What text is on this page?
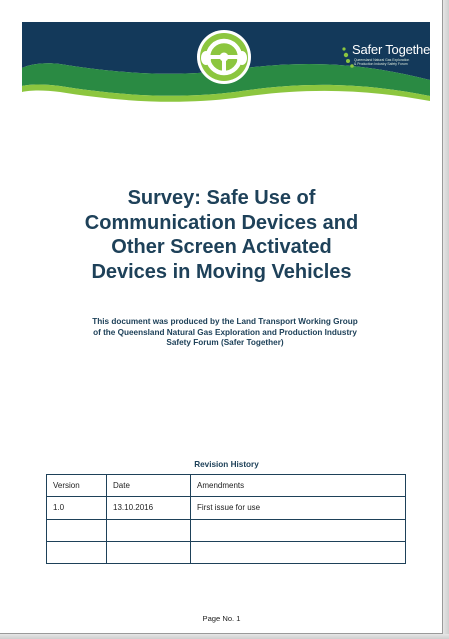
Safer Together
Queensland Natural Gas Exploration
& Production Industry Safety Forum
Survey: Safe Use of
Communication Devices and
Other Screen Activated
Devices in Moving Vehicles
This document was produced by the Land Transport Working Group
of the Queensland Natural Gas Exploration and Production Industry
Safety Forum (Safer Together)
Revision History
Version	Date	Amendments
1.0	13.10.2016	First issue for use

Page No. 1
